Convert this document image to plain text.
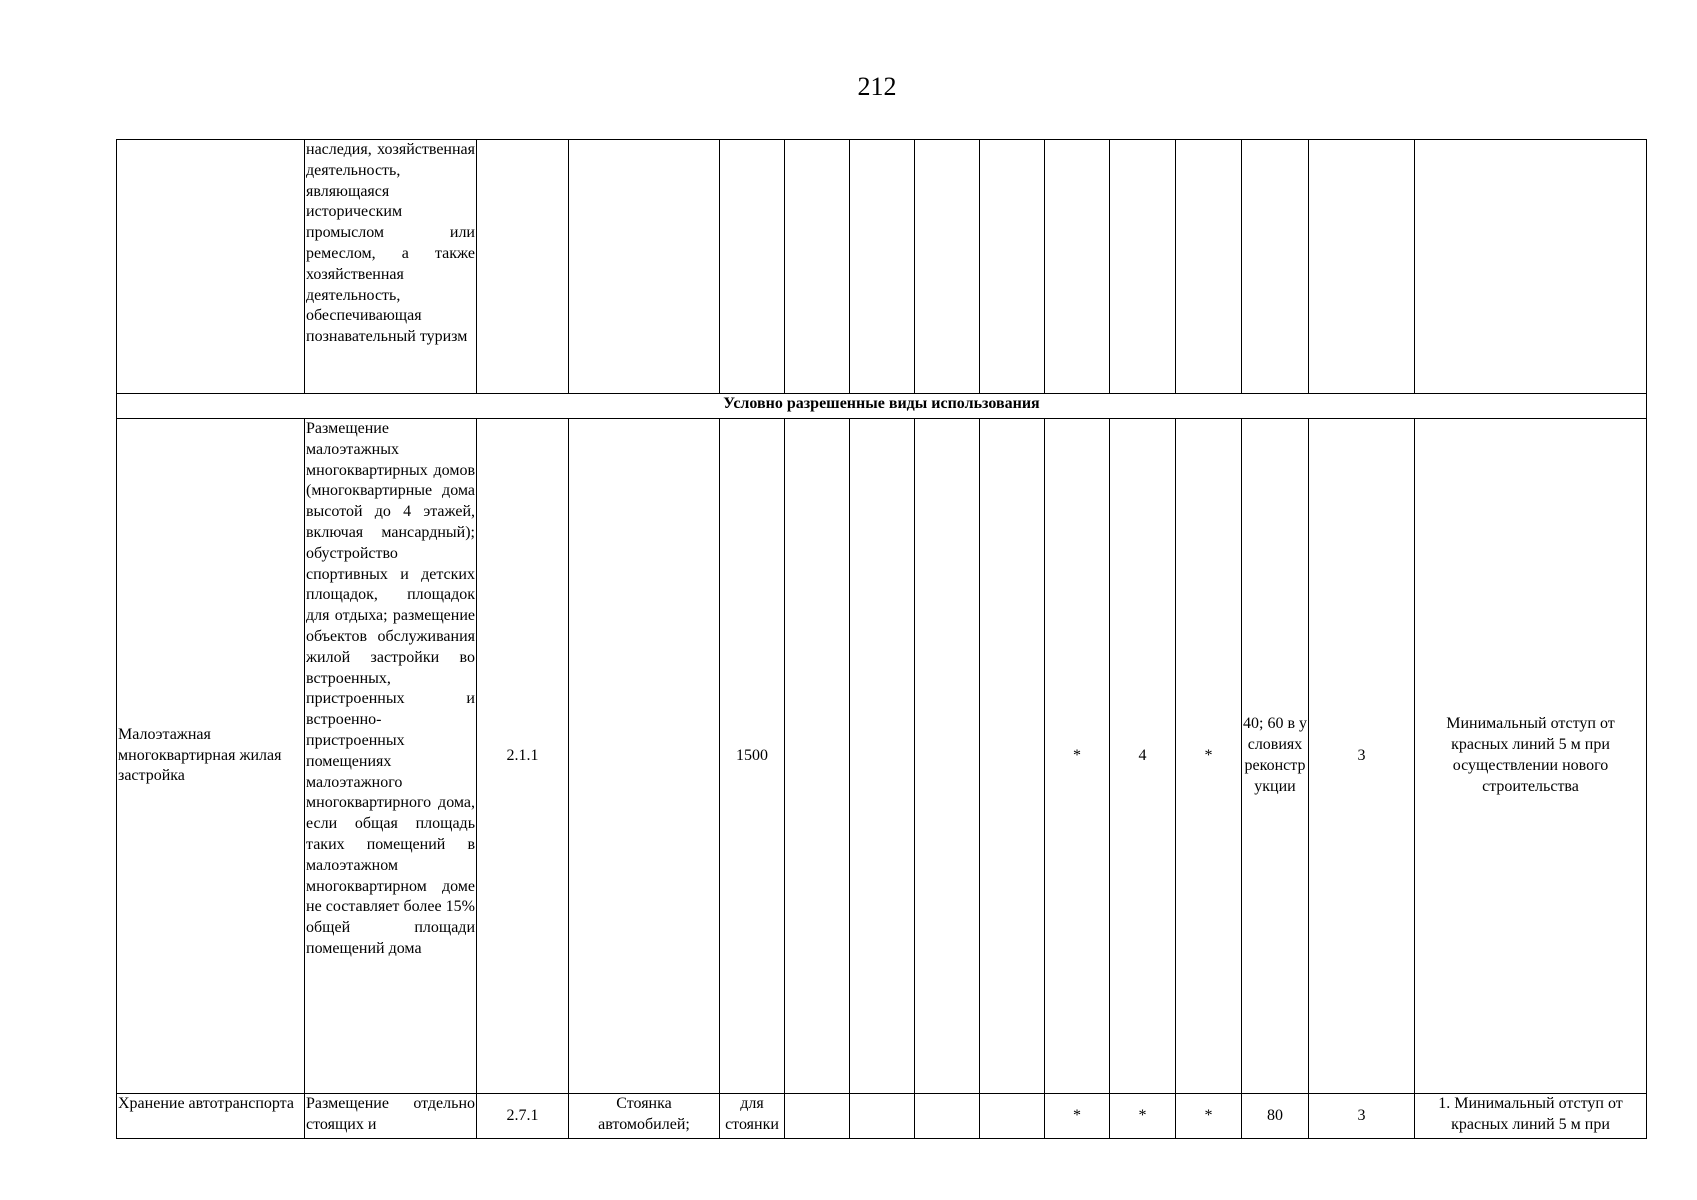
212
	наследия, хозяйственная деятельность, являющаяся историческим промыслом или ремеслом, а также хозяйственная деятельность, обеспечивающая познавательный туризм													
Условно разрешенные виды использования														
Малоэтажная многоквартирная жилая застройка	Размещение малоэтажных многоквартирных домов (многоквартирные дома высотой до 4 этажей, включая мансардный); обустройство спортивных и детских площадок, площадок для отдыха; размещение объектов обслуживания жилой застройки во встроенных, пристроенных и встроенно-пристроенных помещениях малоэтажного многоквартирного дома, если общая площадь таких помещений в малоэтажном многоквартирном доме не составляет более 15% общей площади помещений дома	2.1.1		1500					*	4	*	40; 60 в условиях реконструкции	3	Минимальный отступ от красных линий 5 м при осуществлении нового строительства
Хранение автотранспорта	Размещение отдельно стоящих и	2.7.1	Стоянка автомобилей;	для стоянки					*	*	*	80	3	1. Минимальный отступ от красных линий 5 м при
